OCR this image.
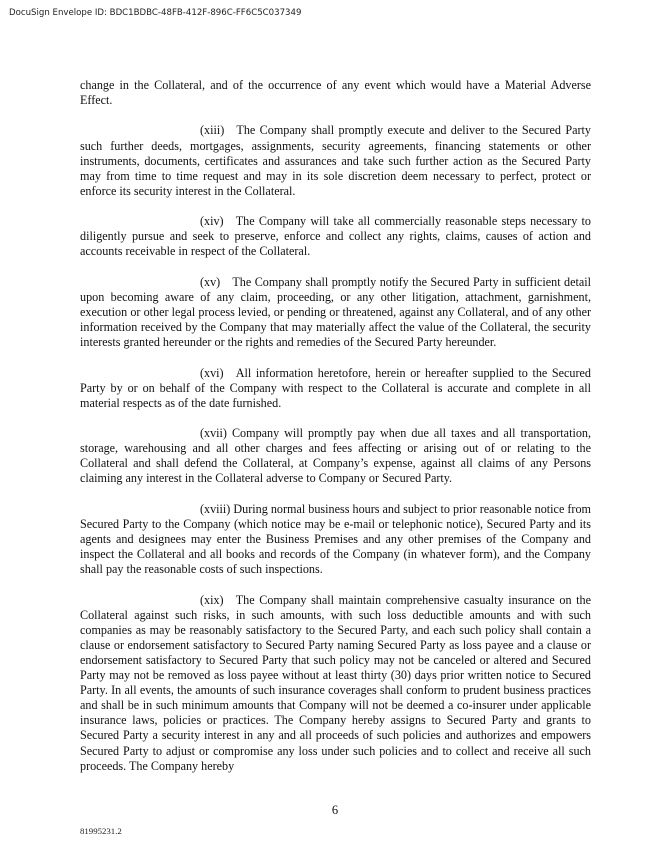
DocuSign Envelope ID: BDC1BDBC-48FB-412F-896C-FF6C5C037349

change in the Collateral, and of the occurrence of any event which would have a Material Adverse Effect.

(xiii) The Company shall promptly execute and deliver to the Secured Party such further deeds, mortgages, assignments, security agreements, financing statements or other instruments, documents, certificates and assurances and take such further action as the Secured Party may from time to time request and may in its sole discretion deem necessary to perfect, protect or enforce its security interest in the Collateral.

(xiv) The Company will take all commercially reasonable steps necessary to diligently pursue and seek to preserve, enforce and collect any rights, claims, causes of action and accounts receivable in respect of the Collateral.

(xv) The Company shall promptly notify the Secured Party in sufficient detail upon becoming aware of any claim, proceeding, or any other litigation, attachment, garnishment, execution or other legal process levied, or pending or threatened, against any Collateral, and of any other information received by the Company that may materially affect the value of the Collateral, the security interests granted hereunder or the rights and remedies of the Secured Party hereunder.

(xvi) All information heretofore, herein or hereafter supplied to the Secured Party by or on behalf of the Company with respect to the Collateral is accurate and complete in all material respects as of the date furnished.

(xvii) Company will promptly pay when due all taxes and all transportation, storage, warehousing and all other charges and fees affecting or arising out of or relating to the Collateral and shall defend the Collateral, at Company’s expense, against all claims of any Persons claiming any interest in the Collateral adverse to Company or Secured Party.

(xviii) During normal business hours and subject to prior reasonable notice from Secured Party to the Company (which notice may be e-mail or telephonic notice), Secured Party and its agents and designees may enter the Business Premises and any other premises of the Company and inspect the Collateral and all books and records of the Company (in whatever form), and the Company shall pay the reasonable costs of such inspections.

(xix) The Company shall maintain comprehensive casualty insurance on the Collateral against such risks, in such amounts, with such loss deductible amounts and with such companies as may be reasonably satisfactory to the Secured Party, and each such policy shall contain a clause or endorsement satisfactory to Secured Party naming Secured Party as loss payee and a clause or endorsement satisfactory to Secured Party that such policy may not be canceled or altered and Secured Party may not be removed as loss payee without at least thirty (30) days prior written notice to Secured Party. In all events, the amounts of such insurance coverages shall conform to prudent business practices and shall be in such minimum amounts that Company will not be deemed a co-insurer under applicable insurance laws, policies or practices. The Company hereby assigns to Secured Party and grants to Secured Party a security interest in any and all proceeds of such policies and authorizes and empowers Secured Party to adjust or compromise any loss under such policies and to collect and receive all such proceeds. The Company hereby

6
81995231.2
